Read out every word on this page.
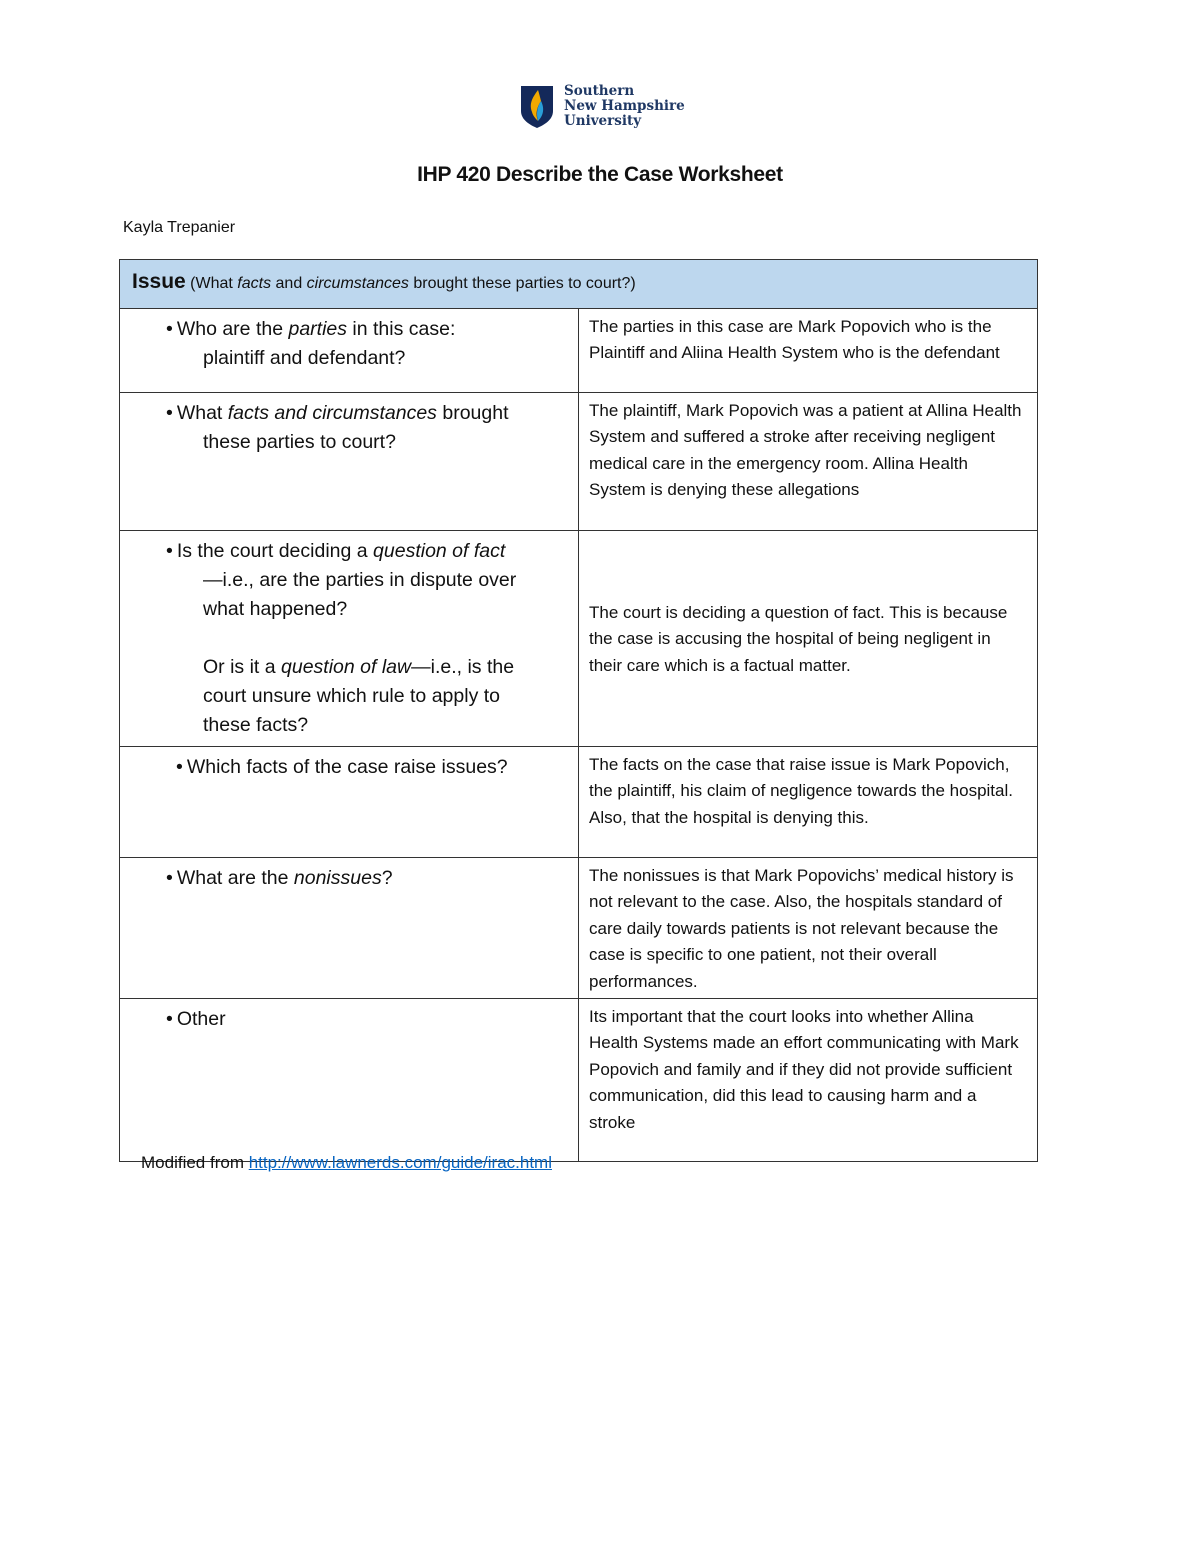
Southern
New Hampshire
University
IHP 420 Describe the Case Worksheet
Kayla Trepanier
Issue (What facts and circumstances brought these parties to court?)	

• Who are the parties in this case:
plaintiff and defendant?	The parties in this case are Mark Popovich who is the Plaintiff and Aliina Health System who is the defendant

• What facts and circumstances brought
these parties to court?	The plaintiff, Mark Popovich was a patient at Allina Health System and suffered a stroke after receiving negligent medical care in the emergency room. Allina Health System is denying these allegations

• Is the court deciding a question of fact
—i.e., are the parties in dispute over
what happened?
Or is it a question of law—i.e., is the
court unsure which rule to apply to
these facts?
	The court is deciding a question of fact. This is because the case is accusing the hospital of being negligent in their care which is a factual matter.

• Which facts of the case raise issues?	The facts on the case that raise issue is Mark Popovich, the plaintiff, his claim of negligence towards the hospital. Also, that the hospital is denying this.

• What are the nonissues?	The nonissues is that Mark Popovichs’ medical history is not relevant to the case. Also, the hospitals standard of care daily towards patients is not relevant because the case is specific to one patient, not their overall performances.

• Other	Its important that the court looks into whether Allina Health Systems made an effort communicating with Mark Popovich and family and if they did not provide sufficient communication, did this lead to causing harm and a stroke
Modified from http://www.lawnerds.com/guide/irac.html
